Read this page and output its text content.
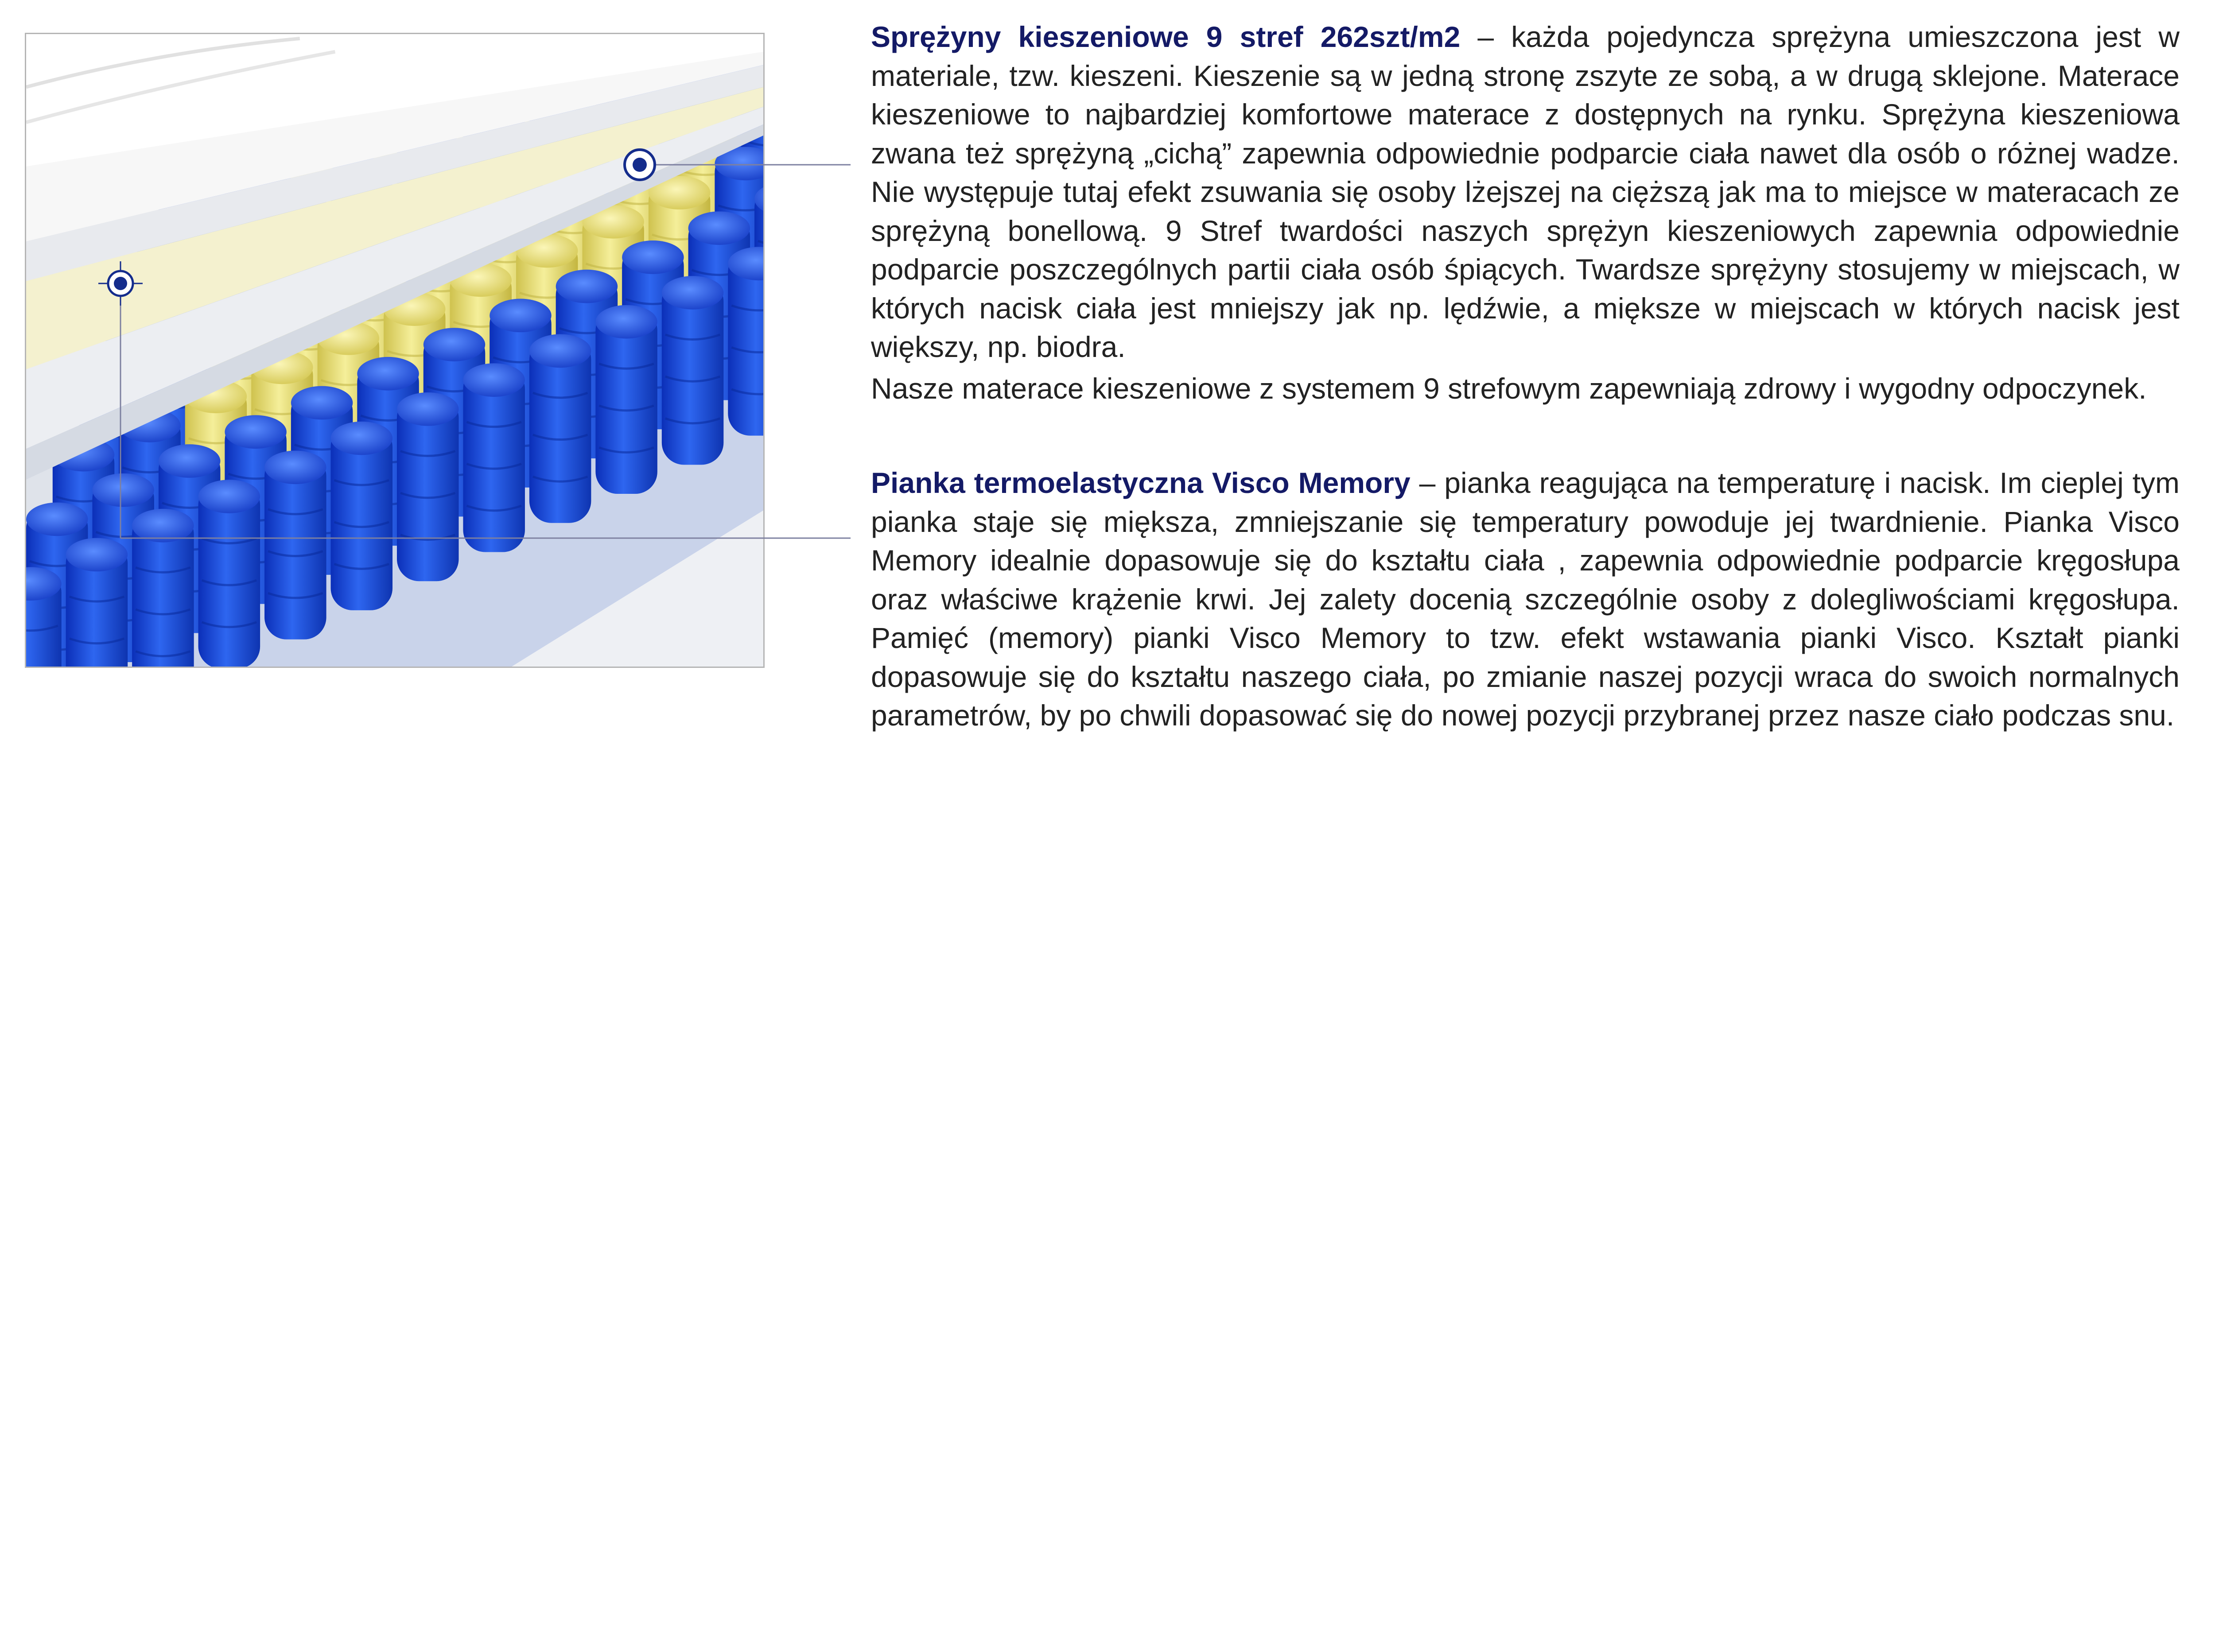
Sprężyny kieszeniowe 9 stref 262szt/m2 – każda pojedyncza sprężyna umieszczona jest w materiale, tzw. kieszeni. Kieszenie są w jedną stronę zszyte ze sobą, a w drugą sklejone. Materace kieszeniowe to najbardziej komfortowe materace z dostępnych na rynku. Sprężyna kieszeniowa zwana też sprężyną „cichą” zapewnia odpowiednie podparcie ciała nawet dla osób o różnej wadze. Nie występuje tutaj efekt zsuwania się osoby lżejszej na cięższą jak ma to miejsce w materacach ze sprężyną bonellową. 9 Stref twardości naszych sprężyn kieszeniowych zapewnia odpowiednie podparcie poszczególnych partii ciała osób śpiących. Twardsze sprężyny stosujemy w miejscach, w których nacisk ciała jest mniejszy jak np. lędźwie, a miększe w miejscach w których nacisk jest większy, np. biodra.

Nasze materace kieszeniowe z systemem 9 strefowym zapewniają zdrowy i wygodny odpoczynek.

Pianka termoelastyczna Visco Memory – pianka reagująca na temperaturę i nacisk. Im cieplej tym pianka staje się miększa, zmniejszanie się temperatury powoduje jej twardnienie. Pianka Visco Memory idealnie dopasowuje się do kształtu ciała , zapewnia odpowiednie podparcie kręgosłupa oraz właściwe krążenie krwi. Jej zalety docenią szczególnie osoby z dolegliwościami kręgosłupa. Pamięć (memory) pianki Visco Memory to tzw. efekt wstawania pianki Visco. Kształt pianki dopasowuje się do kształtu naszego ciała, po zmianie naszej pozycji wraca do swoich normalnych parametrów, by po chwili dopasować się do nowej pozycji przybranej przez nasze ciało podczas snu.
